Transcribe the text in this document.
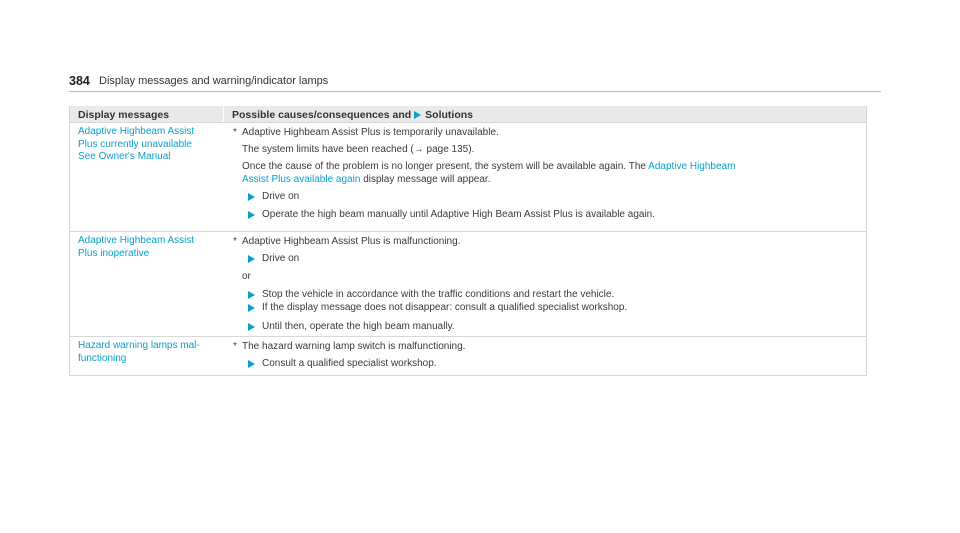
384 Display messages and warning/indicator lamps
Display messages	Possible causes/consequences and Solutions
Adaptive Highbeam Assist
Plus currently unavailable
See Owner's Manual
* Adaptive Highbeam Assist Plus is temporarily unavailable.
The system limits have been reached (→ page 135).
Once the cause of the problem is no longer present, the system will be available again. The Adaptive Highbeam
Assist Plus available again display message will appear.
Drive on
Operate the high beam manually until Adaptive High Beam Assist Plus is available again.
Adaptive Highbeam Assist
Plus inoperative
* Adaptive Highbeam Assist Plus is malfunctioning.
Drive on
or
Stop the vehicle in accordance with the traffic conditions and restart the vehicle.
If the display message does not disappear: consult a qualified specialist workshop.
Until then, operate the high beam manually.
Hazard warning lamps mal-
functioning
* The hazard warning lamp switch is malfunctioning.
Consult a qualified specialist workshop.
